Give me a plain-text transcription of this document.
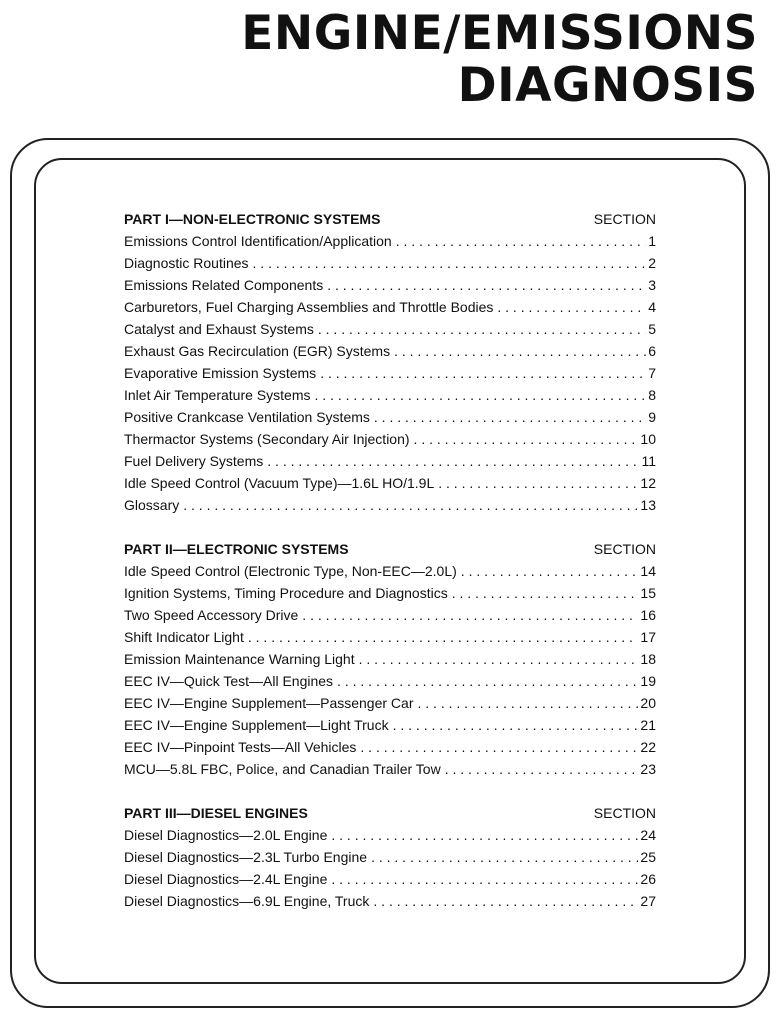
ENGINE/EMISSIONS
DIAGNOSIS
PART I—NON-ELECTRONIC SYSTEMS	SECTION
Emissions Control Identification/Application . . .	1
Diagnostic Routines . . .	2
Emissions Related Components . . .	3
Carburetors, Fuel Charging Assemblies and Throttle Bodies . . .	4
Catalyst and Exhaust Systems . . .	5
Exhaust Gas Recirculation (EGR) Systems . . .	6
Evaporative Emission Systems . . .	7
Inlet Air Temperature Systems . . .	8
Positive Crankcase Ventilation Systems . . .	9
Thermactor Systems (Secondary Air Injection) . . .	10
Fuel Delivery Systems . . .	11
Idle Speed Control (Vacuum Type)—1.6L HO/1.9L . . .	12
Glossary . . .	13
PART II—ELECTRONIC SYSTEMS	SECTION
Idle Speed Control (Electronic Type, Non-EEC—2.0L) . . .	14
Ignition Systems, Timing Procedure and Diagnostics . . .	15
Two Speed Accessory Drive . . .	16
Shift Indicator Light . . .	17
Emission Maintenance Warning Light . . .	18
EEC IV—Quick Test—All Engines . . .	19
EEC IV—Engine Supplement—Passenger Car . . .	20
EEC IV—Engine Supplement—Light Truck . . .	21
EEC IV—Pinpoint Tests—All Vehicles . . .	22
MCU—5.8L FBC, Police, and Canadian Trailer Tow . . .	23
PART III—DIESEL ENGINES	SECTION
Diesel Diagnostics—2.0L Engine . . .	24
Diesel Diagnostics—2.3L Turbo Engine . . .	25
Diesel Diagnostics—2.4L Engine . . .	26
Diesel Diagnostics—6.9L Engine, Truck . . .	27
